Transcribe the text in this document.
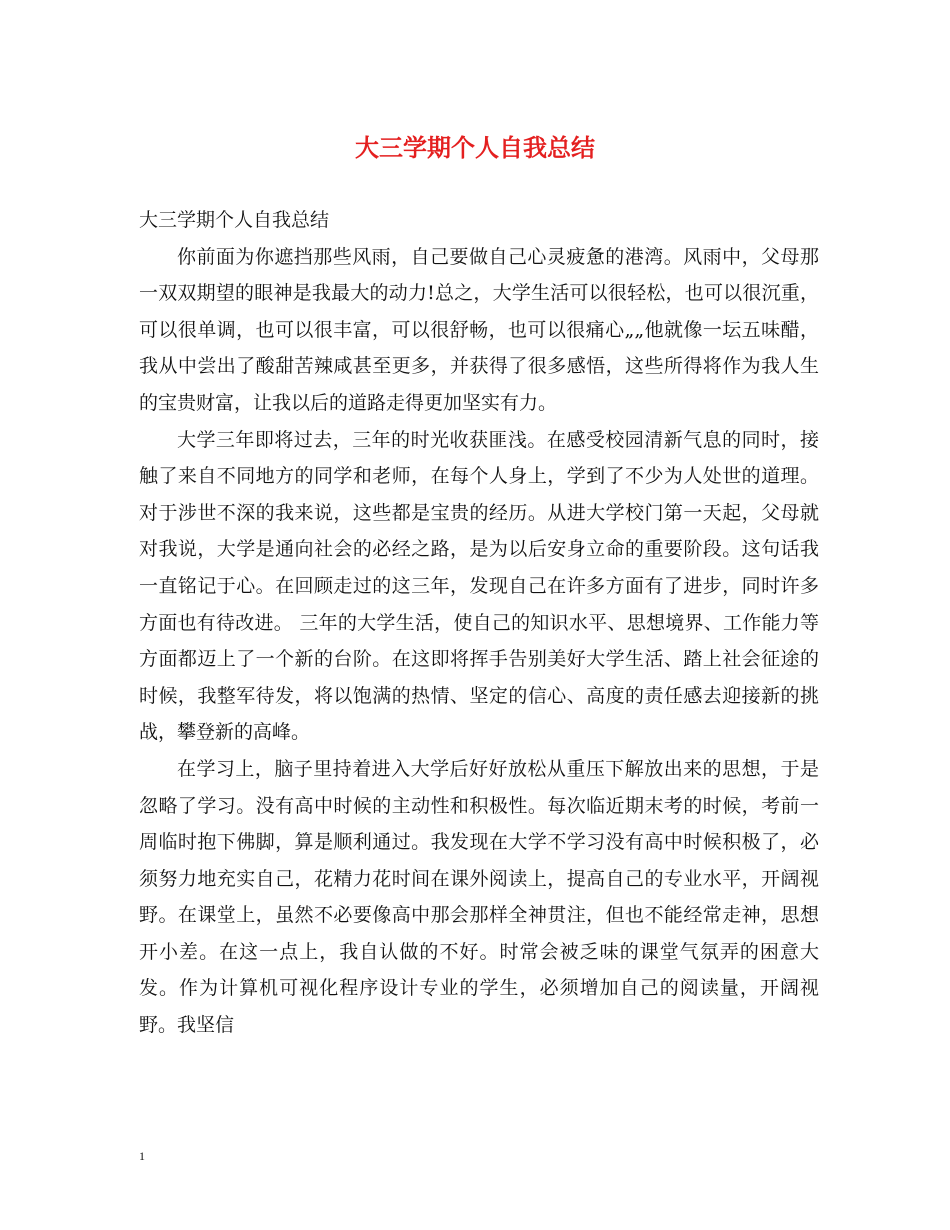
大三学期个人自我总结

大三学期个人自我总结

你前面为你遮挡那些风雨，自己要做自己心灵疲惫的港湾。风雨中，父母那一双双期望的眼神是我最大的动力!总之，大学生活可以很轻松，也可以很沉重，可以很单调，也可以很丰富，可以很舒畅，也可以很痛心„„他就像一坛五味醋，我从中尝出了酸甜苦辣咸甚至更多，并获得了很多感悟，这些所得将作为我人生的宝贵财富，让我以后的道路走得更加坚实有力。

大学三年即将过去，三年的时光收获匪浅。在感受校园清新气息的同时，接触了来自不同地方的同学和老师，在每个人身上，学到了不少为人处世的道理。对于涉世不深的我来说，这些都是宝贵的经历。从进大学校门第一天起，父母就对我说，大学是通向社会的必经之路，是为以后安身立命的重要阶段。这句话我一直铭记于心。在回顾走过的这三年，发现自己在许多方面有了进步，同时许多方面也有待改进。 三年的大学生活，使自己的知识水平、思想境界、工作能力等方面都迈上了一个新的台阶。在这即将挥手告别美好大学生活、踏上社会征途的时候，我整军待发，将以饱满的热情、坚定的信心、高度的责任感去迎接新的挑战，攀登新的高峰。

在学习上，脑子里持着进入大学后好好放松从重压下解放出来的思想，于是忽略了学习。没有高中时候的主动性和积极性。每次临近期末考的时候，考前一周临时抱下佛脚，算是顺利通过。我发现在大学不学习没有高中时候积极了，必须努力地充实自己，花精力花时间在课外阅读上，提高自己的专业水平，开阔视野。在课堂上，虽然不必要像高中那会那样全神贯注，但也不能经常走神，思想开小差。在这一点上，我自认做的不好。时常会被乏味的课堂气氛弄的困意大发。作为计算机可视化程序设计专业的学生，必须增加自己的阅读量，开阔视野。我坚信

1
